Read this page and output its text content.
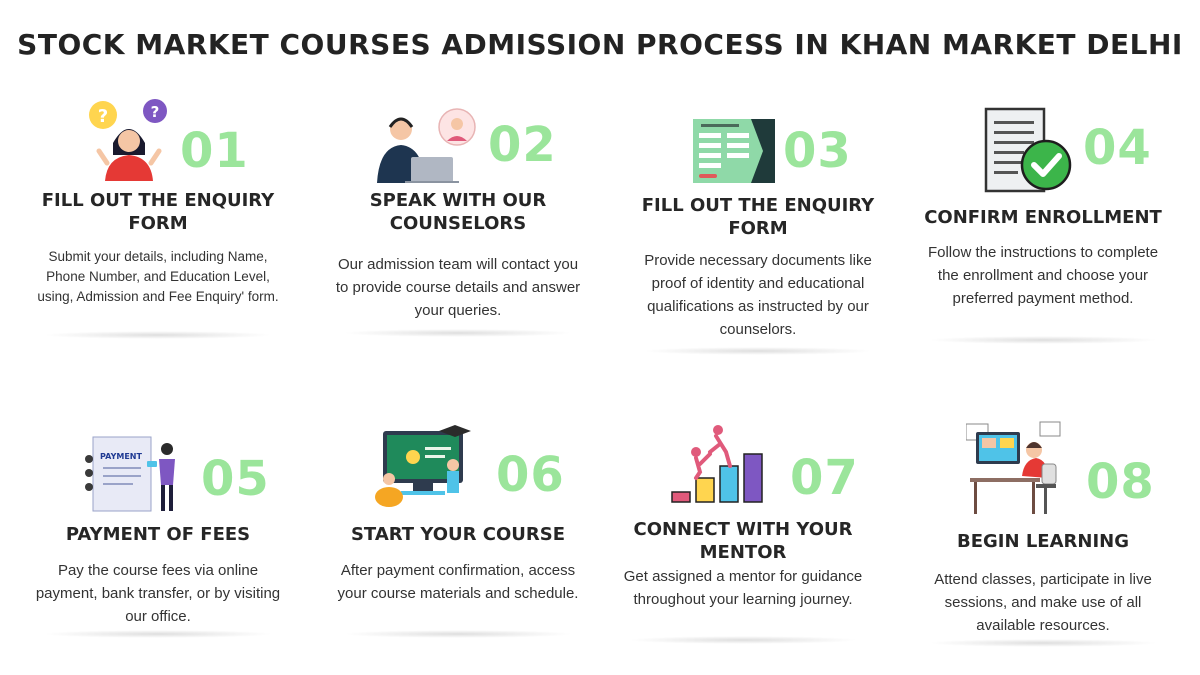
STOCK MARKET COURSES ADMISSION PROCESS IN KHAN MARKET DELHI
?	?
01
FILL OUT THE ENQUIRY FORM
Submit your details, including Name, Phone Number, and Education Level, using, Admission and Fee Enquiry' form.
02
SPEAK WITH OUR COUNSELORS
Our admission team will contact you to provide course details and answer your queries.
03
FILL OUT THE ENQUIRY FORM
Provide necessary documents like proof of identity and educational qualifications as instructed by our counselors.
04
CONFIRM ENROLLMENT
Follow the instructions to complete the enrollment and choose your preferred payment method.
PAYMENT 05
PAYMENT OF FEES
Pay the course fees via online payment, bank transfer, or by visiting our office.
06
START YOUR COURSE
After payment confirmation, access your course materials and schedule.
07
CONNECT WITH YOUR MENTOR
Get assigned a mentor for guidance throughout your learning journey.
08
BEGIN LEARNING
Attend classes, participate in live sessions, and make use of all available resources.
